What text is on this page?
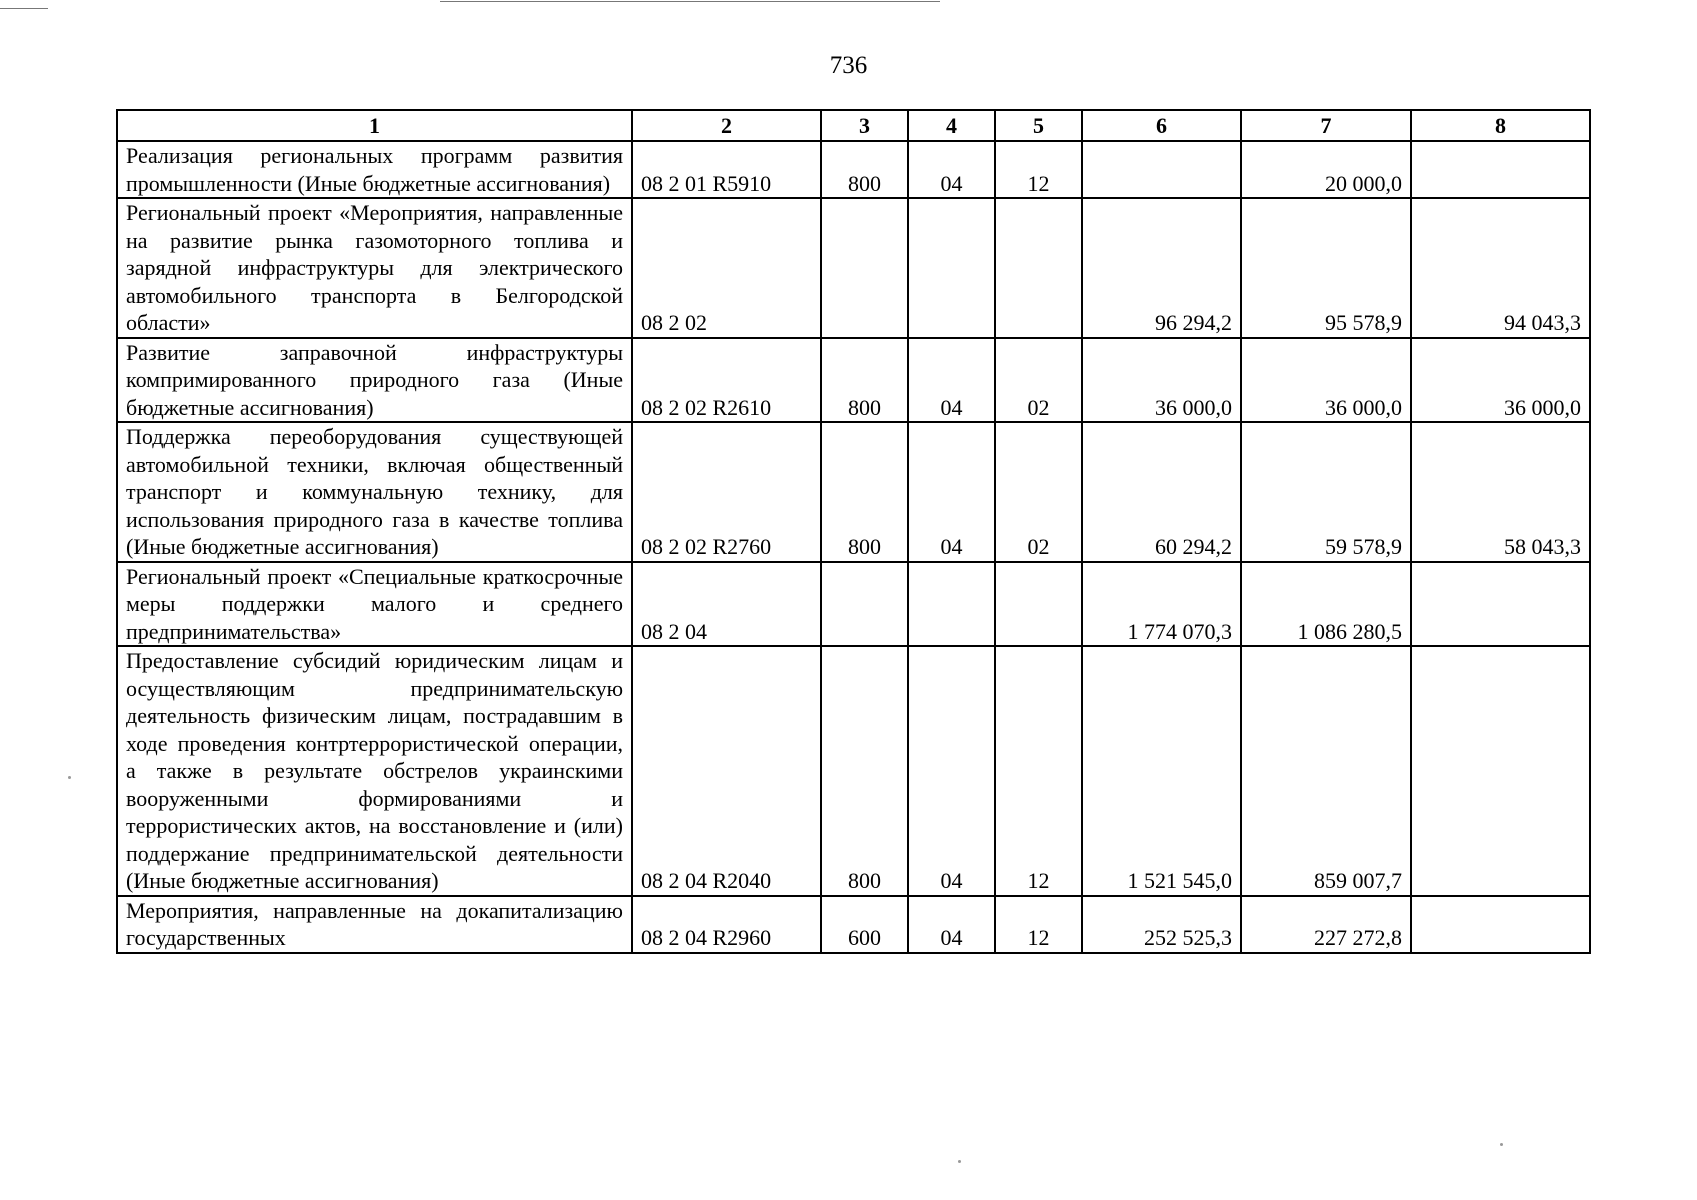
736
1	2	3	4	5	6	7	8
Реализация региональных программ развития промышленности (Иные бюджетные ассигнования)	08 2 01 R5910	800	04	12		20 000,0	
Региональный проект «Мероприятия, направленные на развитие рынка газомоторного топлива и зарядной инфраструктуры для электрического автомобильного транспорта в Белгородской области»	08 2 02				96 294,2	95 578,9	94 043,3
Развитие заправочной инфраструктуры компримированного природного газа (Иные бюджетные ассигнования)	08 2 02 R2610	800	04	02	36 000,0	36 000,0	36 000,0
Поддержка переоборудования существующей автомобильной техники, включая общественный транспорт и коммунальную технику, для использования природного газа в качестве топлива (Иные бюджетные ассигнования)	08 2 02 R2760	800	04	02	60 294,2	59 578,9	58 043,3
Региональный проект «Специальные краткосрочные меры поддержки малого и среднего предпринимательства»	08 2 04				1 774 070,3	1 086 280,5	
Предоставление субсидий юридическим лицам и осуществляющим предпринимательскую деятельность физическим лицам, пострадавшим в ходе проведения контртеррористической операции, а также в результате обстрелов украинскими вооруженными формированиями и террористических актов, на восстановление и (или) поддержание предпринимательской деятельности (Иные бюджетные ассигнования)	08 2 04 R2040	800	04	12	1 521 545,0	859 007,7	
Мероприятия, направленные на докапитализацию государственных	08 2 04 R2960	600	04	12	252 525,3	227 272,8	
